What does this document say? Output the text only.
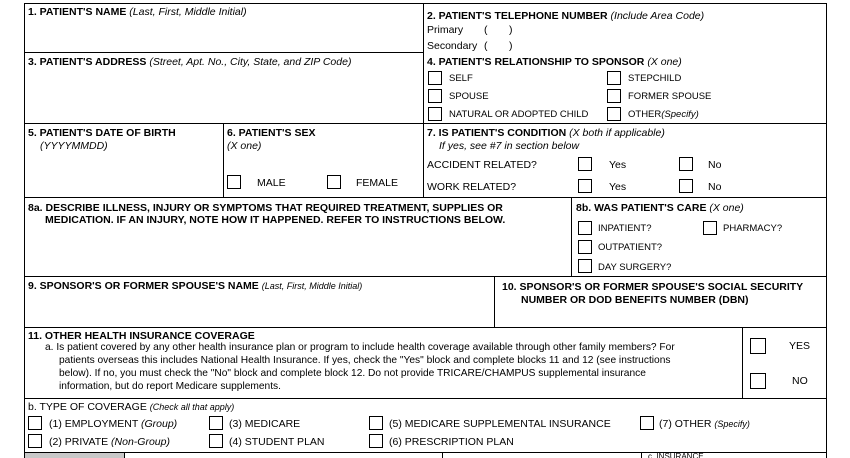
1. PATIENT'S NAME (Last, First, Middle Initial)	2. PATIENT'S TELEPHONE NUMBER (Include Area Code)
Primary ( )
Secondary ( )
3. PATIENT'S ADDRESS (Street, Apt. No., City, State, and ZIP Code)	4. PATIENT'S RELATIONSHIP TO SPONSOR (X one)
SELF
SPOUSE
NATURAL OR ADOPTED CHILD
STEPCHILD
FORMER SPOUSE
OTHER(Specify)
5. PATIENT'S DATE OF BIRTH
(YYYYMMDD)
6. PATIENT'S SEX
(X one)
MALE	FEMALE
7. IS PATIENT'S CONDITION (X both if applicable)
If yes, see #7 in section below
ACCIDENT RELATED?	Yes	No
WORK RELATED?	Yes	No
8a. DESCRIBE ILLNESS, INJURY OR SYMPTOMS THAT REQUIRED TREATMENT, SUPPLIES OR
MEDICATION. IF AN INJURY, NOTE HOW IT HAPPENED. REFER TO INSTRUCTIONS BELOW.
8b. WAS PATIENT'S CARE (X one)
INPATIENT?	PHARMACY?
OUTPATIENT?
DAY SURGERY?
9. SPONSOR'S OR FORMER SPOUSE'S NAME (Last, First, Middle Initial)	10. SPONSOR'S OR FORMER SPOUSE'S SOCIAL SECURITY
NUMBER OR DOD BENEFITS NUMBER (DBN)
11. OTHER HEALTH INSURANCE COVERAGE
a. Is patient covered by any other health insurance plan or program to include health coverage available through other family members? For
patients overseas this includes National Health Insurance. If yes, check the "Yes" block and complete blocks 11 and 12 (see instructions
below). If no, you must check the "No" block and complete block 12. Do not provide TRICARE/CHAMPUS supplemental insurance
information, but do report Medicare supplements.
YES
NO
b. TYPE OF COVERAGE (Check all that apply)
(1) EMPLOYMENT (Group)
(2) PRIVATE (Non-Group)
(3) MEDICARE
(4) STUDENT PLAN
(5) MEDICARE SUPPLEMENTAL INSURANCE
(6) PRESCRIPTION PLAN
(7) OTHER (Specify)
c. INSURANCE
